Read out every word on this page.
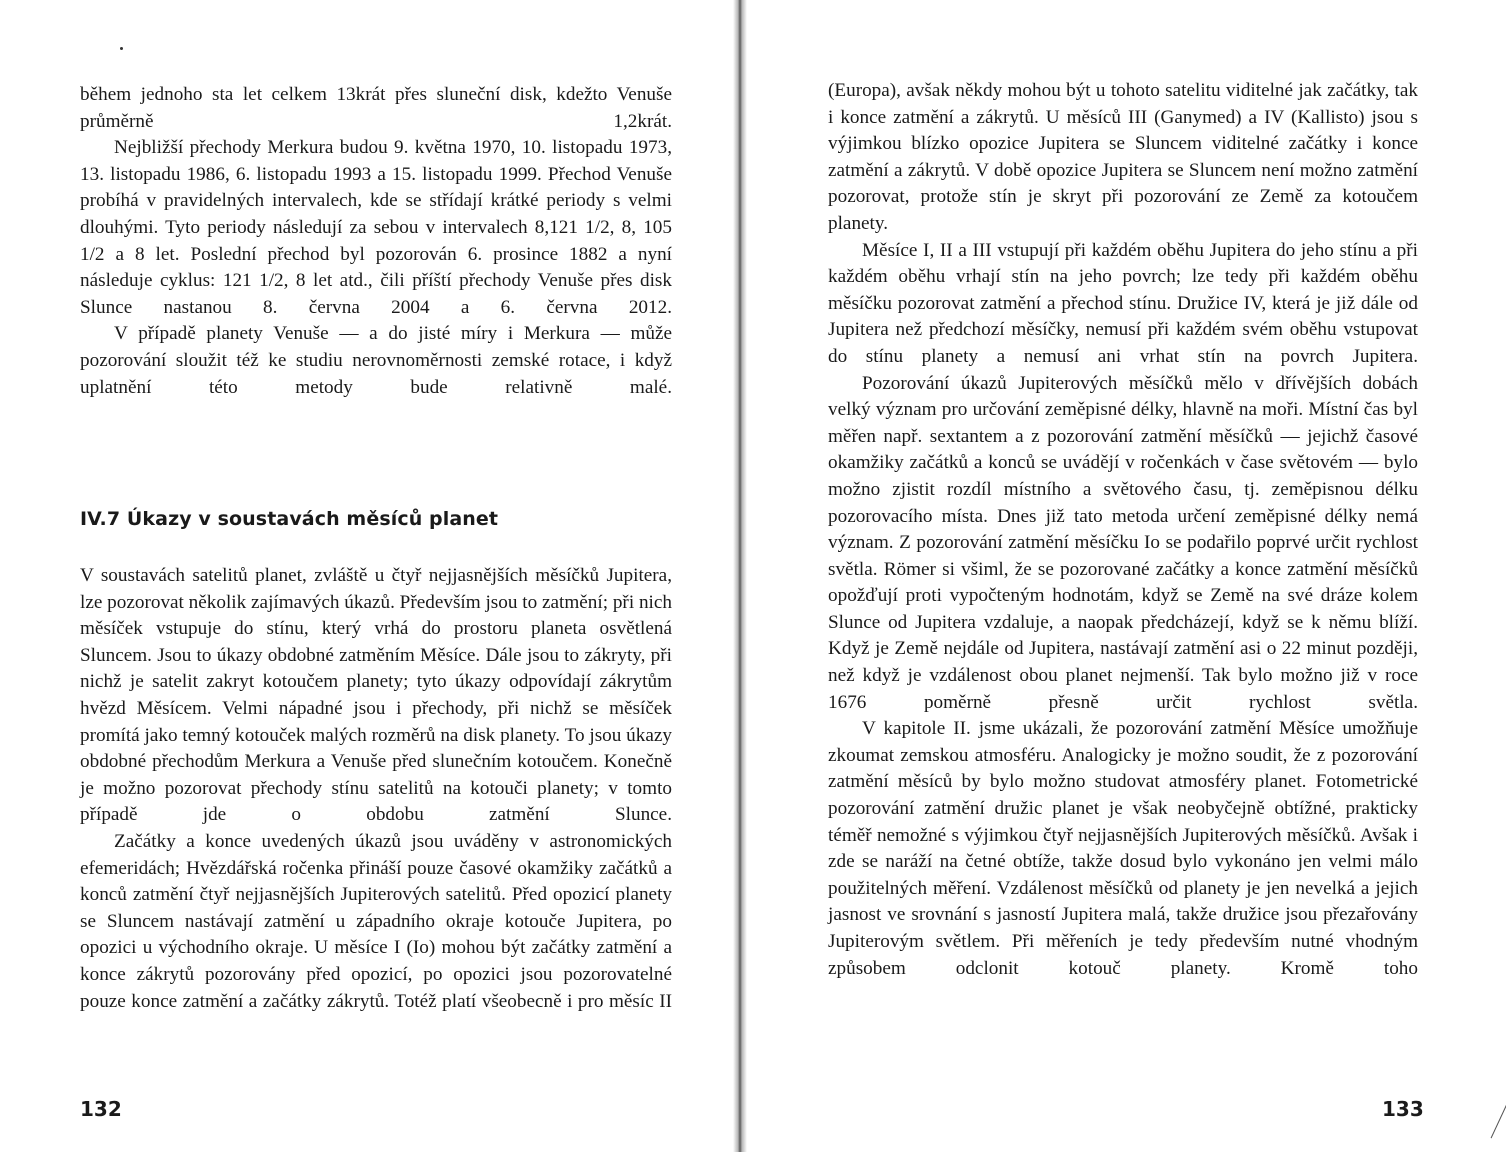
během jednoho sta let celkem 13krát přes sluneční disk, kdežto Venuše průměrně 1,2krát.

Nejbližší přechody Merkura budou 9. května 1970, 10. listopadu 1973, 13. listopadu 1986, 6. listopadu 1993 a 15. listopadu 1999. Přechod Venuše probíhá v pravidelných intervalech, kde se střídají krátké periody s velmi dlouhými. Tyto periody následují za sebou v intervalech 8,121 1/2, 8, 105 1/2 a 8 let. Poslední přechod byl pozorován 6. prosince 1882 a nyní následuje cyklus: 121 1/2, 8 let atd., čili příští přechody Venuše přes disk Slunce nastanou 8. června 2004 a 6. června 2012.

V případě planety Venuše — a do jisté míry i Merkura — může pozorování sloužit též ke studiu nerovnoměrnosti zemské rotace, i když uplatnění této metody bude relativně malé.

IV.7 Úkazy v soustavách měsíců planet

V soustavách satelitů planet, zvláště u čtyř nejjasnějších měsíčků Jupitera, lze pozorovat několik zajímavých úkazů. Především jsou to zatmění; při nich měsíček vstupuje do stínu, který vrhá do prostoru planeta osvětlená Sluncem. Jsou to úkazy obdobné zatměním Měsíce. Dále jsou to zákryty, při nichž je satelit zakryt kotoučem planety; tyto úkazy odpovídají zákrytům hvězd Měsícem. Velmi nápadné jsou i přechody, při nichž se měsíček promítá jako temný kotouček malých rozměrů na disk planety. To jsou úkazy obdobné přechodům Merkura a Venuše před slunečním kotoučem. Konečně je možno pozorovat přechody stínu satelitů na kotouči planety; v tomto případě jde o obdobu zatmění Slunce.

Začátky a konce uvedených úkazů jsou uváděny v astronomických efemeridách; Hvězdářská ročenka přináší pouze časové okamžiky začátků a konců zatmění čtyř nejjasnějších Jupiterových satelitů. Před opozicí planety se Sluncem nastávají zatmění u západního okraje kotouče Jupitera, po opozici u východního okraje. U měsíce I (Io) mohou být začátky zatmění a konce zákrytů pozorovány před opozicí, po opozici jsou pozorovatelné pouze konce zatmění a začátky zákrytů. Totéž platí všeobecně i pro měsíc II

132

(Europa), avšak někdy mohou být u tohoto satelitu viditelné jak začátky, tak i konce zatmění a zákrytů. U měsíců III (Ganymed) a IV (Kallisto) jsou s výjimkou blízko opozice Jupitera se Sluncem viditelné začátky i konce zatmění a zákrytů. V době opozice Jupitera se Sluncem není možno zatmění pozorovat, protože stín je skryt při pozorování ze Země za kotoučem planety.

Měsíce I, II a III vstupují při každém oběhu Jupitera do jeho stínu a při každém oběhu vrhají stín na jeho povrch; lze tedy při každém oběhu měsíčku pozorovat zatmění a přechod stínu. Družice IV, která je již dále od Jupitera než předchozí měsíčky, nemusí při každém svém oběhu vstupovat do stínu planety a nemusí ani vrhat stín na povrch Jupitera.

Pozorování úkazů Jupiterových měsíčků mělo v dřívějších dobách velký význam pro určování zeměpisné délky, hlavně na moři. Místní čas byl měřen např. sextantem a z pozorování zatmění měsíčků — jejichž časové okamžiky začátků a konců se uvádějí v ročenkách v čase světovém — bylo možno zjistit rozdíl místního a světového času, tj. zeměpisnou délku pozorovacího místa. Dnes již tato metoda určení zeměpisné délky nemá význam. Z pozorování zatmění měsíčku Io se podařilo poprvé určit rychlost světla. Römer si všiml, že se pozorované začátky a konce zatmění měsíčků opožďují proti vypočteným hodnotám, když se Země na své dráze kolem Slunce od Jupitera vzdaluje, a naopak předcházejí, když se k němu blíží. Když je Země nejdále od Jupitera, nastávají zatmění asi o 22 minut později, než když je vzdálenost obou planet nejmenší. Tak bylo možno již v roce 1676 poměrně přesně určit rychlost světla.

V kapitole II. jsme ukázali, že pozorování zatmění Měsíce umožňuje zkoumat zemskou atmosféru. Analogicky je možno soudit, že z pozorování zatmění měsíců by bylo možno studovat atmosféry planet. Fotometrické pozorování zatmění družic planet je však neobyčejně obtížné, prakticky téměř nemožné s výjimkou čtyř nejjasnějších Jupiterových měsíčků. Avšak i zde se naráží na četné obtíže, takže dosud bylo vykonáno jen velmi málo použitelných měření. Vzdálenost měsíčků od planety je jen nevelká a jejich jasnost ve srovnání s jasností Jupitera malá, takže družice jsou přezařovány Jupiterovým světlem. Při měřeních je tedy především nutné vhodným způsobem odclonit kotouč planety. Kromě toho

133
